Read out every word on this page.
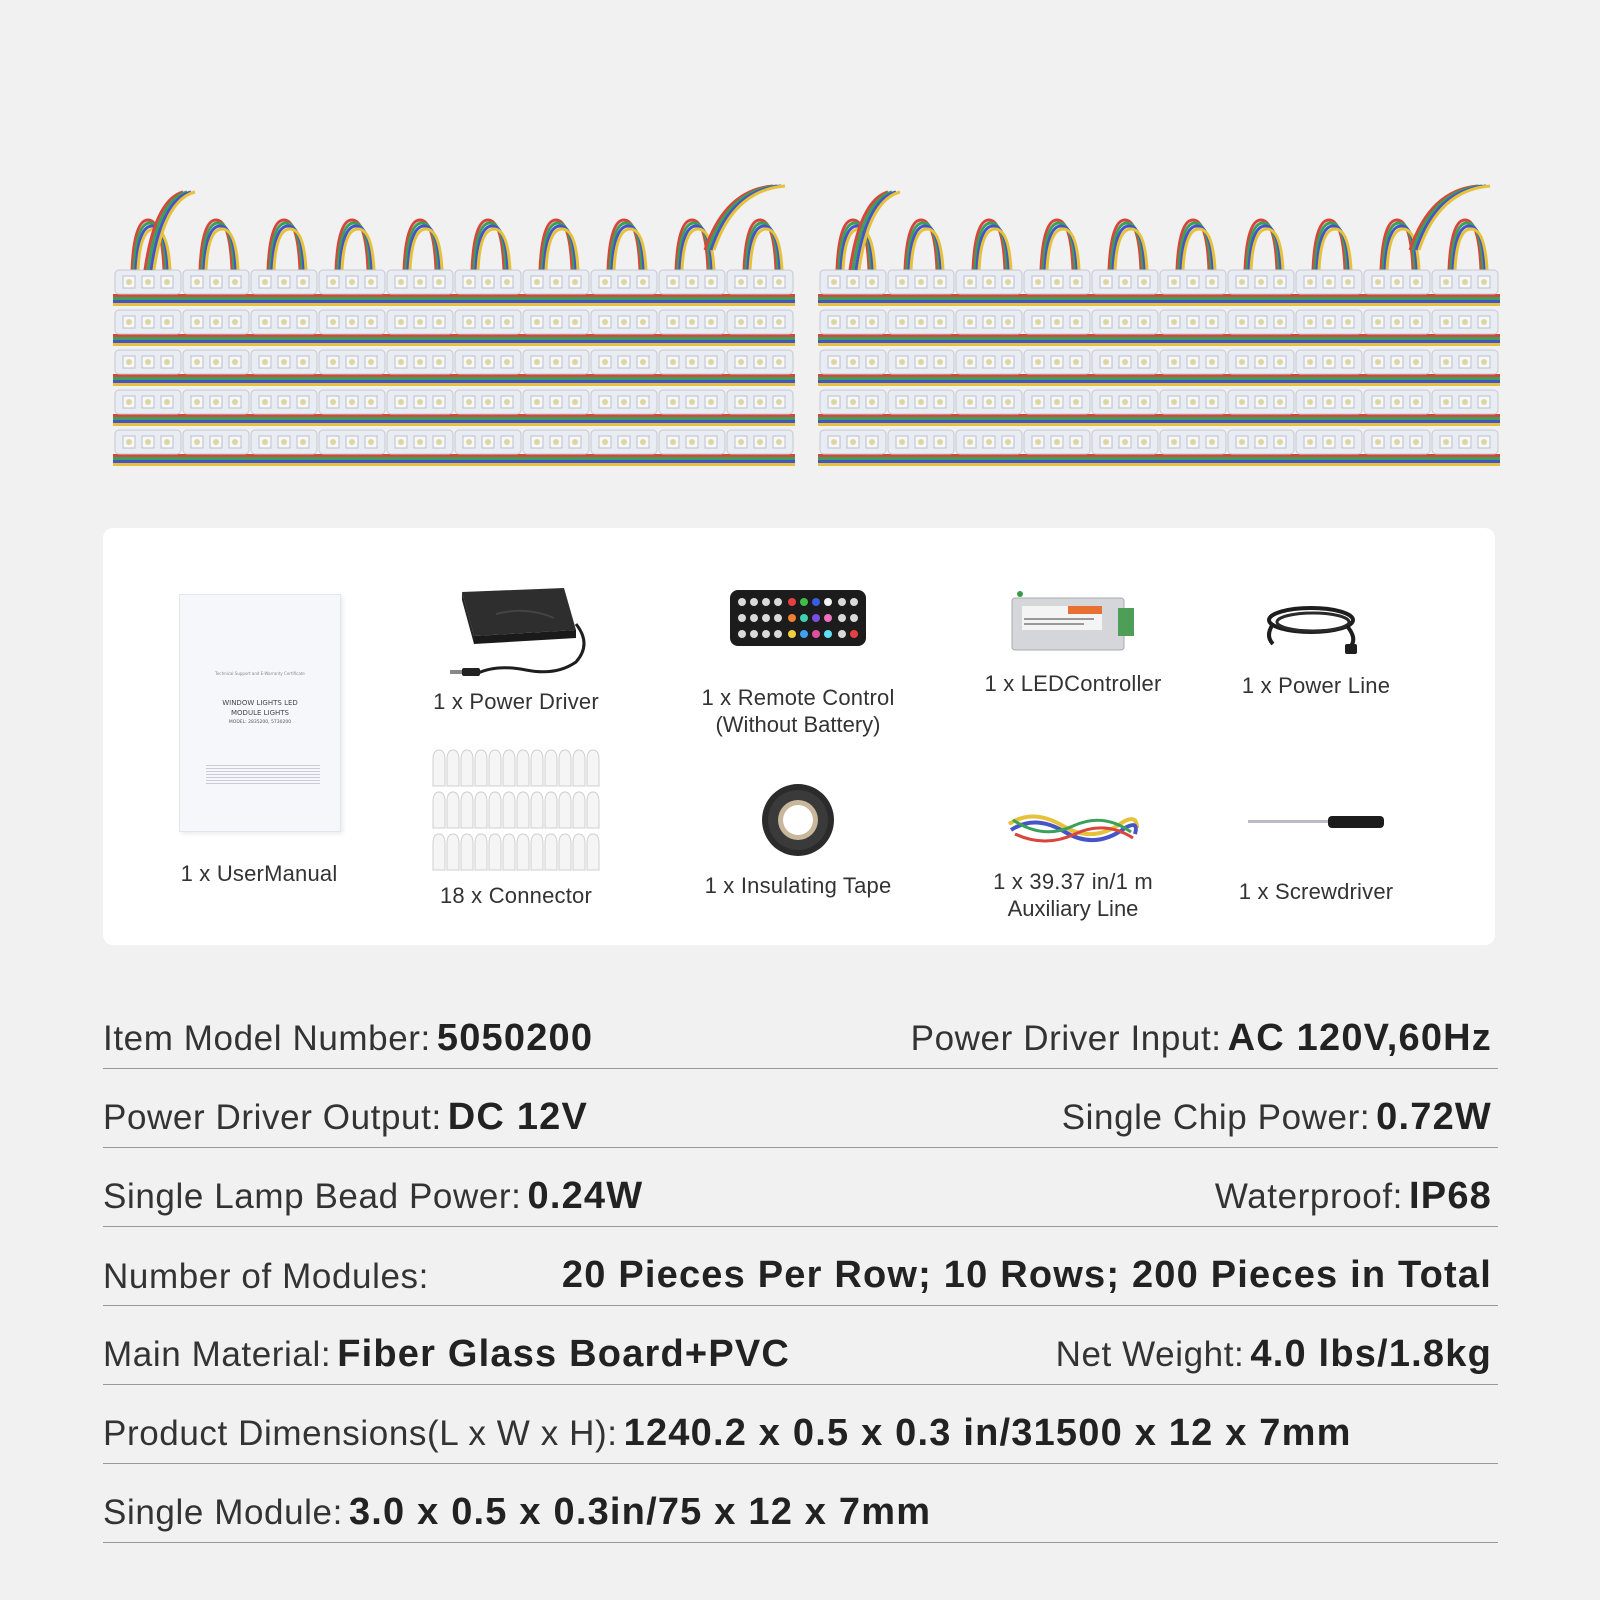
Technical Support and E-Warranty Certificate
WINDOW LIGHTS LED
MODULE LIGHTS
MODEL: 2835200, 5730200
1 x UserManual
1 x Power Driver	1 x Remote Control
(Without Battery)
1 x LEDController	1 x Power Line
18 x Connector	1 x Insulating Tape	1 x 39.37 in/1 m
Auxiliary Line
1 x Screwdriver
Item Model Number: 5050200	Power Driver Input: AC 120V,60Hz
Power Driver Output: DC 12V	Single Chip Power: 0.72W
Single Lamp Bead Power: 0.24W	Waterproof: IP68
Number of Modules:	20 Pieces Per Row; 10 Rows; 200 Pieces in Total
Main Material: Fiber Glass Board+PVC	Net Weight: 4.0 lbs/1.8kg
Product Dimensions(L x W x H): 1240.2 x 0.5 x 0.3 in/31500 x 12 x 7mm
Single Module: 3.0 x 0.5 x 0.3in/75 x 12 x 7mm
